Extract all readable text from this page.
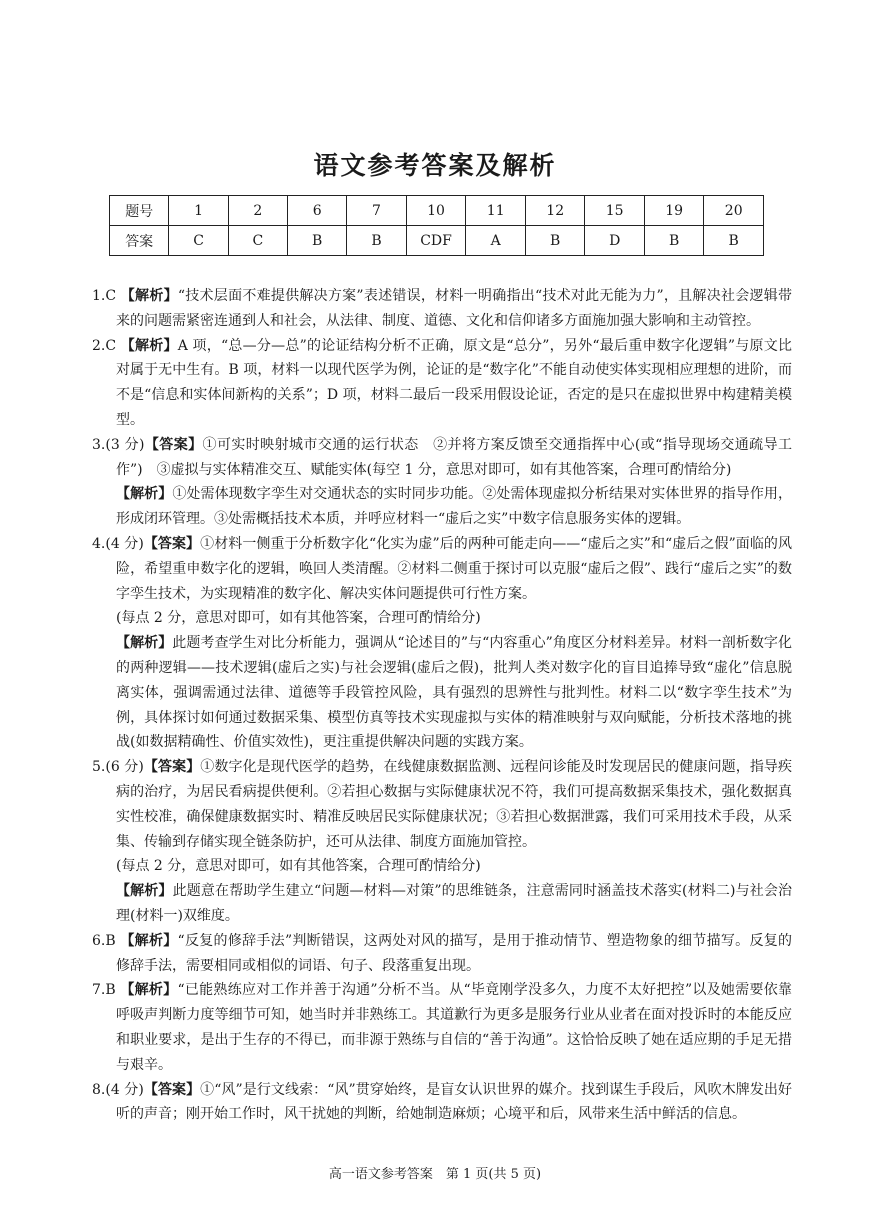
语文参考答案及解析
题号	1	2	6	7	10	11	12	15	19	20
答案	C	C	B	B	CDF	A	B	D	B	B

1.C 【解析】“技术层面不难提供解决方案”表述错误，材料一明确指出“技术对此无能为力”，且解决社会逻辑带来的问题需紧密连通到人和社会，从法律、制度、道德、文化和信仰诸多方面施加强大影响和主动管控。

2.C 【解析】A 项，“总—分—总”的论证结构分析不正确，原文是“总分”，另外“最后重申数字化逻辑”与原文比对属于无中生有。B 项，材料一以现代医学为例，论证的是“数字化”不能自动使实体实现相应理想的进阶，而不是“信息和实体间新构的关系”；D 项，材料二最后一段采用假设论证，否定的是只在虚拟世界中构建精美模型。

3.(3 分)【答案】①可实时映射城市交通的运行状态　②并将方案反馈至交通指挥中心(或“指导现场交通疏导工作”)　③虚拟与实体精准交互、赋能实体(每空 1 分，意思对即可，如有其他答案，合理可酌情给分)

【解析】①处需体现数字孪生对交通状态的实时同步功能。②处需体现虚拟分析结果对实体世界的指导作用，形成闭环管理。③处需概括技术本质，并呼应材料一“虚后之实”中数字信息服务实体的逻辑。

4.(4 分)【答案】①材料一侧重于分析数字化“化实为虚”后的两种可能走向——“虚后之实”和“虚后之假”面临的风险，希望重申数字化的逻辑，唤回人类清醒。②材料二侧重于探讨可以克服“虚后之假”、践行“虚后之实”的数字孪生技术，为实现精准的数字化、解决实体问题提供可行性方案。

(每点 2 分，意思对即可，如有其他答案，合理可酌情给分)

【解析】此题考查学生对比分析能力，强调从“论述目的”与“内容重心”角度区分材料差异。材料一剖析数字化的两种逻辑——技术逻辑(虚后之实)与社会逻辑(虚后之假)，批判人类对数字化的盲目追捧导致“虚化”信息脱离实体，强调需通过法律、道德等手段管控风险，具有强烈的思辨性与批判性。材料二以“数字孪生技术”为例，具体探讨如何通过数据采集、模型仿真等技术实现虚拟与实体的精准映射与双向赋能，分析技术落地的挑战(如数据精确性、价值实效性)，更注重提供解决问题的实践方案。

5.(6 分)【答案】①数字化是现代医学的趋势，在线健康数据监测、远程问诊能及时发现居民的健康问题，指导疾病的治疗，为居民看病提供便利。②若担心数据与实际健康状况不符，我们可提高数据采集技术，强化数据真实性校准，确保健康数据实时、精准反映居民实际健康状况；③若担心数据泄露，我们可采用技术手段，从采集、传输到存储实现全链条防护，还可从法律、制度方面施加管控。

(每点 2 分，意思对即可，如有其他答案，合理可酌情给分)

【解析】此题意在帮助学生建立“问题—材料—对策”的思维链条，注意需同时涵盖技术落实(材料二)与社会治理(材料一)双维度。

6.B 【解析】“反复的修辞手法”判断错误，这两处对风的描写，是用于推动情节、塑造物象的细节描写。反复的修辞手法，需要相同或相似的词语、句子、段落重复出现。

7.B 【解析】“已能熟练应对工作并善于沟通”分析不当。从“毕竟刚学没多久，力度不太好把控”以及她需要依靠呼吸声判断力度等细节可知，她当时并非熟练工。其道歉行为更多是服务行业从业者在面对投诉时的本能反应和职业要求，是出于生存的不得已，而非源于熟练与自信的“善于沟通”。这恰恰反映了她在适应期的手足无措与艰辛。

8.(4 分)【答案】①“风”是行文线索：“风”贯穿始终，是盲女认识世界的媒介。找到谋生手段后，风吹木牌发出好听的声音；刚开始工作时，风干扰她的判断，给她制造麻烦；心境平和后，风带来生活中鲜活的信息。

高一语文参考答案　第 1 页(共 5 页)
